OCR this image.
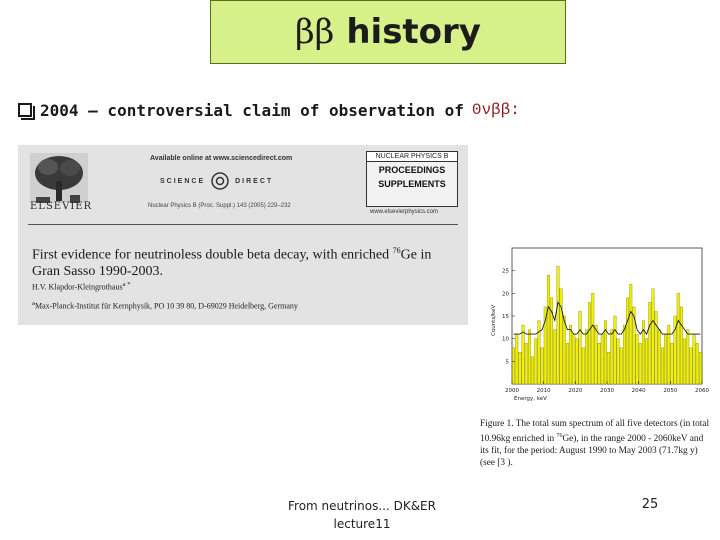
ββ history
2004 – controversial claim of observation of 0νββ:
ELSEVIER
Available online at www.sciencedirect.com
SCIENCE	DIRECT
Nuclear Physics B (Proc. Suppl.) 143 (2005) 229–232
NUCLEAR PHYSICS B
PROCEEDINGS
SUPPLEMENTS
www.elsevierphysics.com
First evidence for neutrinoless double beta decay, with enriched $^{76}$Ge in Gran Sasso 1990-2003.
H.V. Klapdor-Kleingrothaus$^{a *}$
$^a$Max-Planck-Institut für Kernphysik, PO 10 39 80, D-69029 Heidelberg, Germany
2000	2010	2020	2030	2040	2050	2060
5
10
15
20
25
Energy, keV
Counts/keV
Figure 1. The total sum spectrum of all five detectors (in total 10.96kg enriched in $^{76}$Ge), in the range 2000 - 2060keV and its fit, for the period: August 1990 to May 2003 (71.7kg y) (see [3 ).
From neutrinos... DK&ER
lecture11
25
